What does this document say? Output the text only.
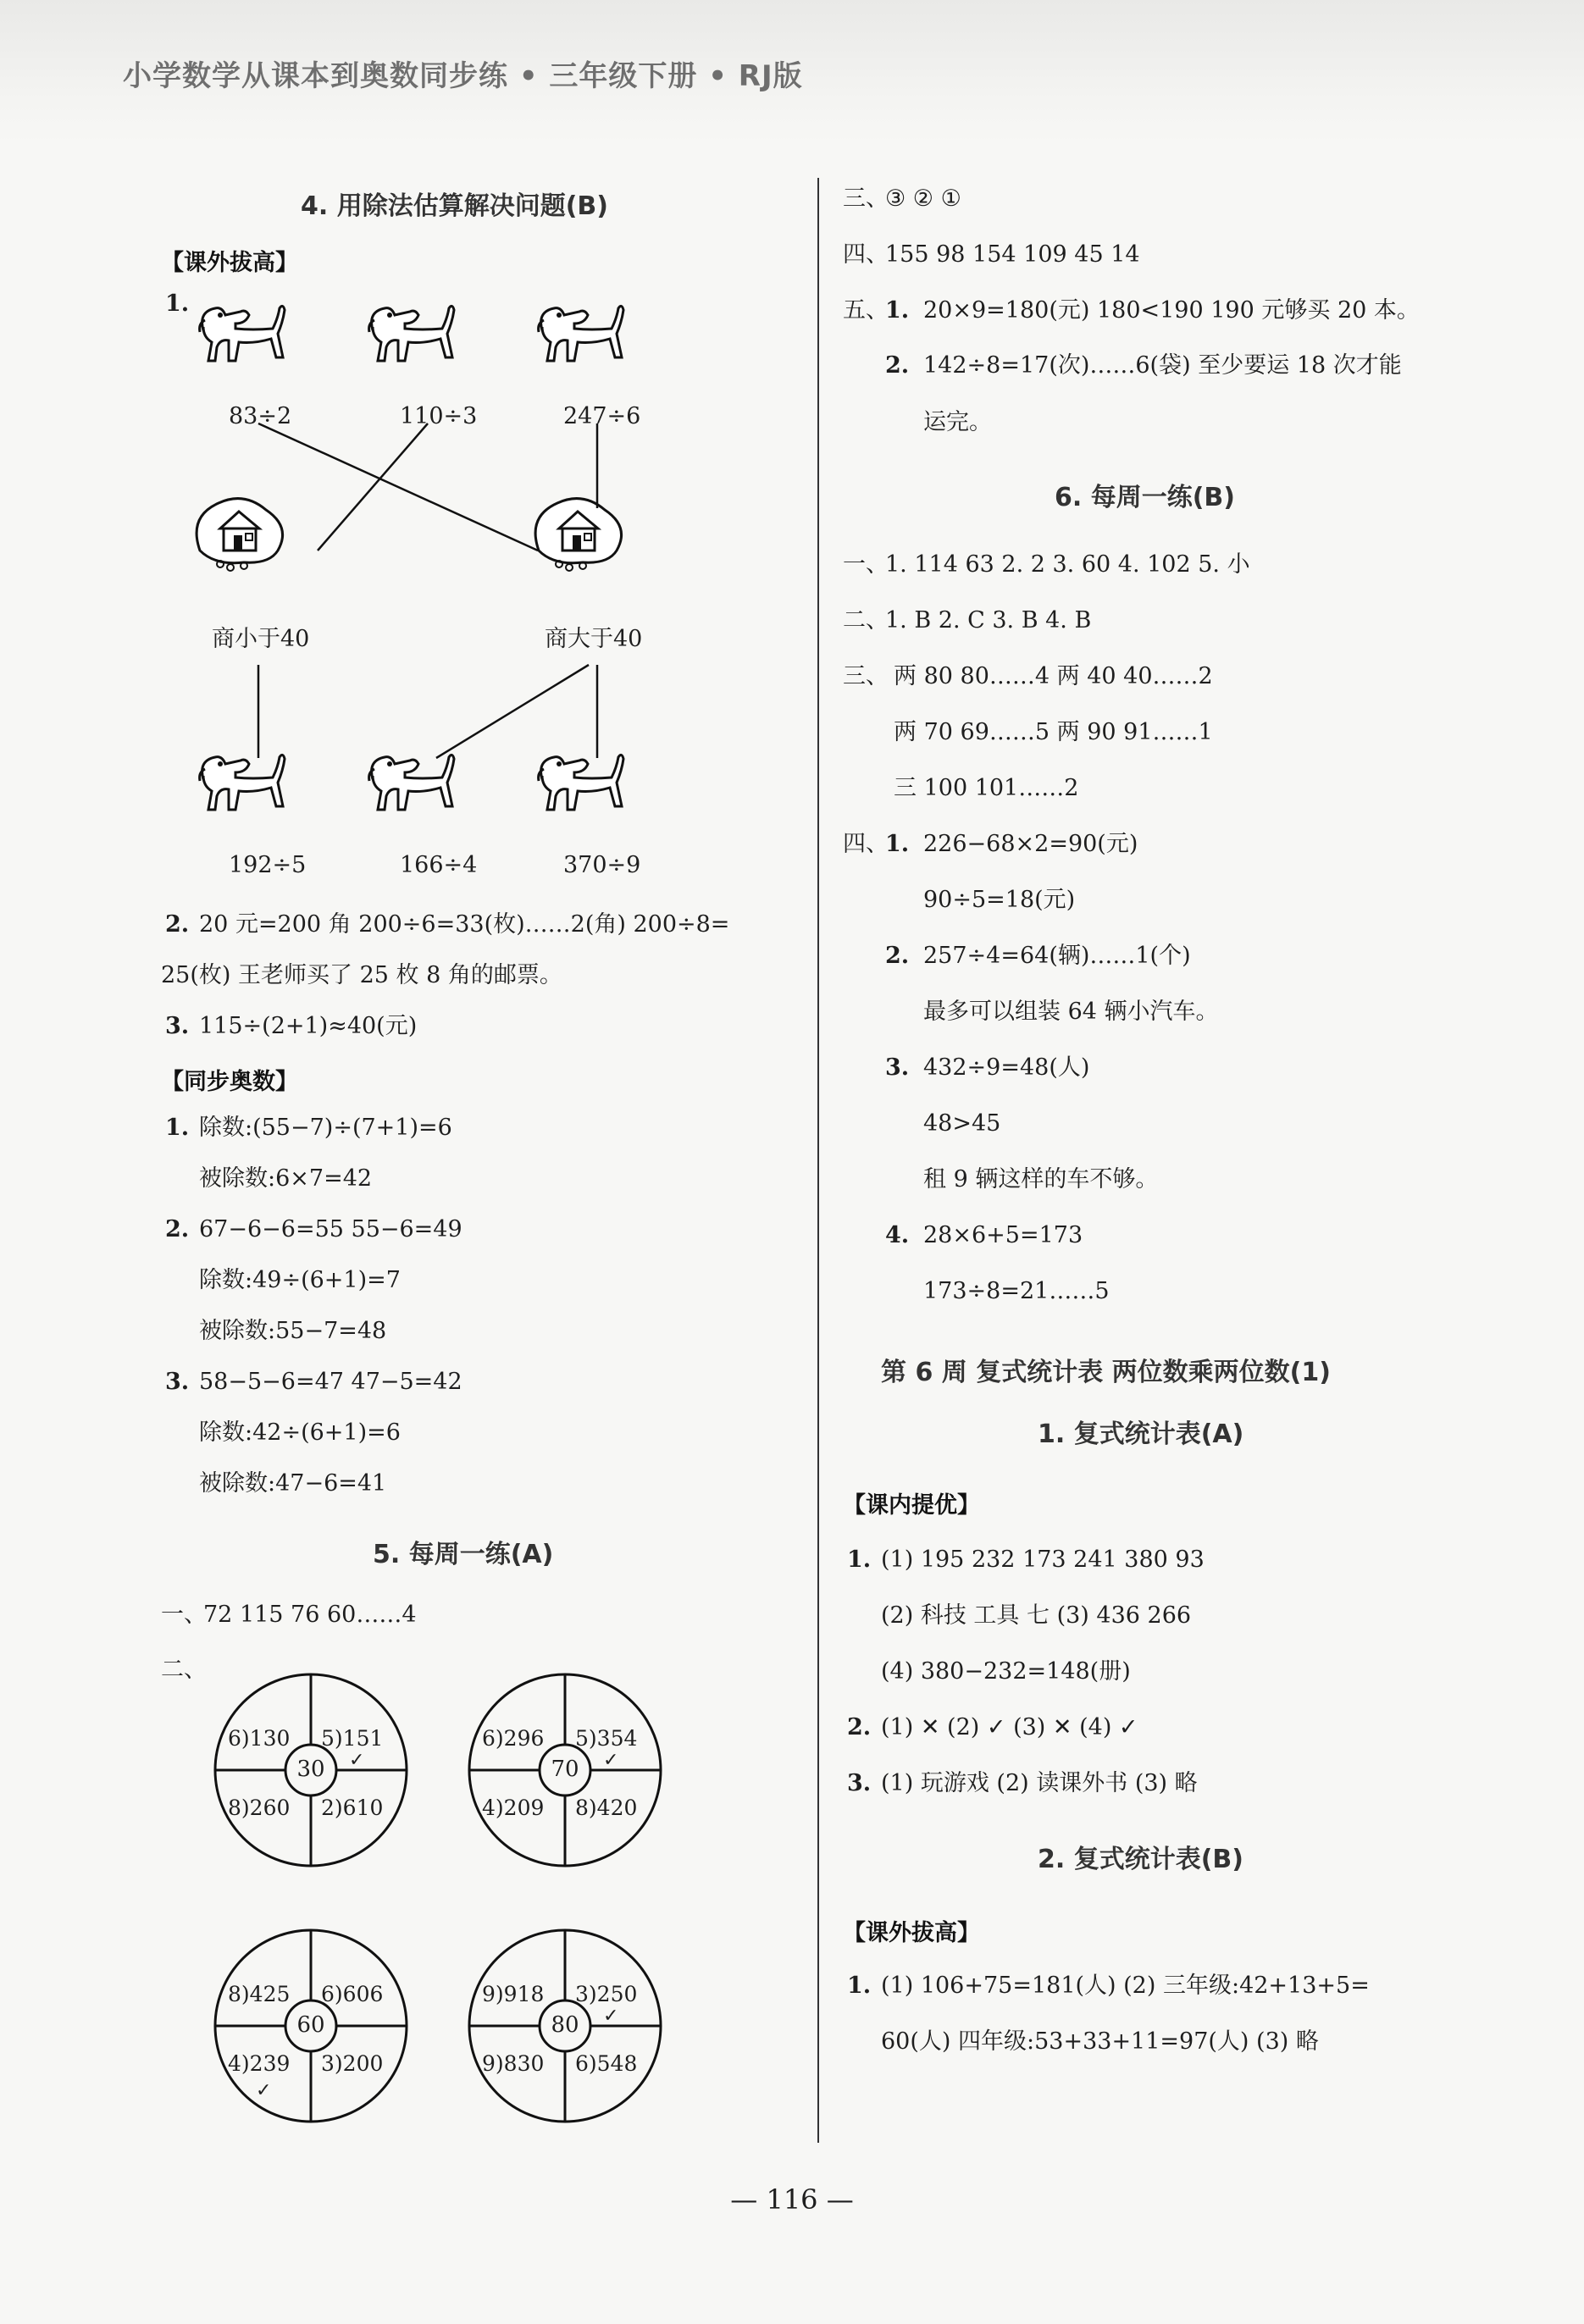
小学数学从课本到奥数同步练 • 三年级下册 • RJ版
4. 用除法估算解决问题(B)
【课外拔高】
1.
83÷2	110÷3	247÷6
商小于40	商大于40
192÷5	166÷4	370÷9
2. 20 元=200 角 200÷6=33(枚)……2(角) 200÷8=
25(枚) 王老师买了 25 枚 8 角的邮票。
3. 115÷(2+1)≈40(元)
【同步奥数】
1. 除数:(55−7)÷(7+1)=6
被除数:6×7=42
2. 67−6−6=55 55−6=49
除数:49÷(6+1)=7
被除数:55−7=48
3. 58−5−6=47 47−5=42
除数:42÷(6+1)=6
被除数:47−6=41
5. 每周一练(A)
一、
72 115 76 60……4
二、
6)130 5)151
8)260 2)610
30	✓
6)296 5)354
4)209 8)420
70	✓
8)425 6)606
4)239 3)200
60
✓
9)918 3)250
9)830 6)548
80	✓
三、
③ ② ①
四、
155 98 154 109 45 14
五、
1. 20×9=180(元) 180<190 190 元够买 20 本。
2. 142÷8=17(次)……6(袋) 至少要运 18 次才能
运完。
6. 每周一练(B)
一、
1. 114 63 2. 2 3. 60 4. 102 5. 小
二、
1. B 2. C 3. B 4. B
三、 两 80 80……4 两 40 40……2
两 70 69……5 两 90 91……1
三 100 101……2
四、
1. 226−68×2=90(元)
90÷5=18(元)
2. 257÷4=64(辆)……1(个)
最多可以组装 64 辆小汽车。
3. 432÷9=48(人)
48>45
租 9 辆这样的车不够。
4. 28×6+5=173
173÷8=21……5
第 6 周 复式统计表 两位数乘两位数(1)
1. 复式统计表(A)
【课内提优】
1. (1) 195 232 173 241 380 93
(2) 科技 工具 七 (3) 436 266
(4) 380−232=148(册)
2. (1) ✕ (2) ✓ (3) ✕ (4) ✓
3. (1) 玩游戏 (2) 读课外书 (3) 略
2. 复式统计表(B)
【课外拔高】
1. (1) 106+75=181(人) (2) 三年级:42+13+5=
60(人) 四年级:53+33+11=97(人) (3) 略
— 116 —
